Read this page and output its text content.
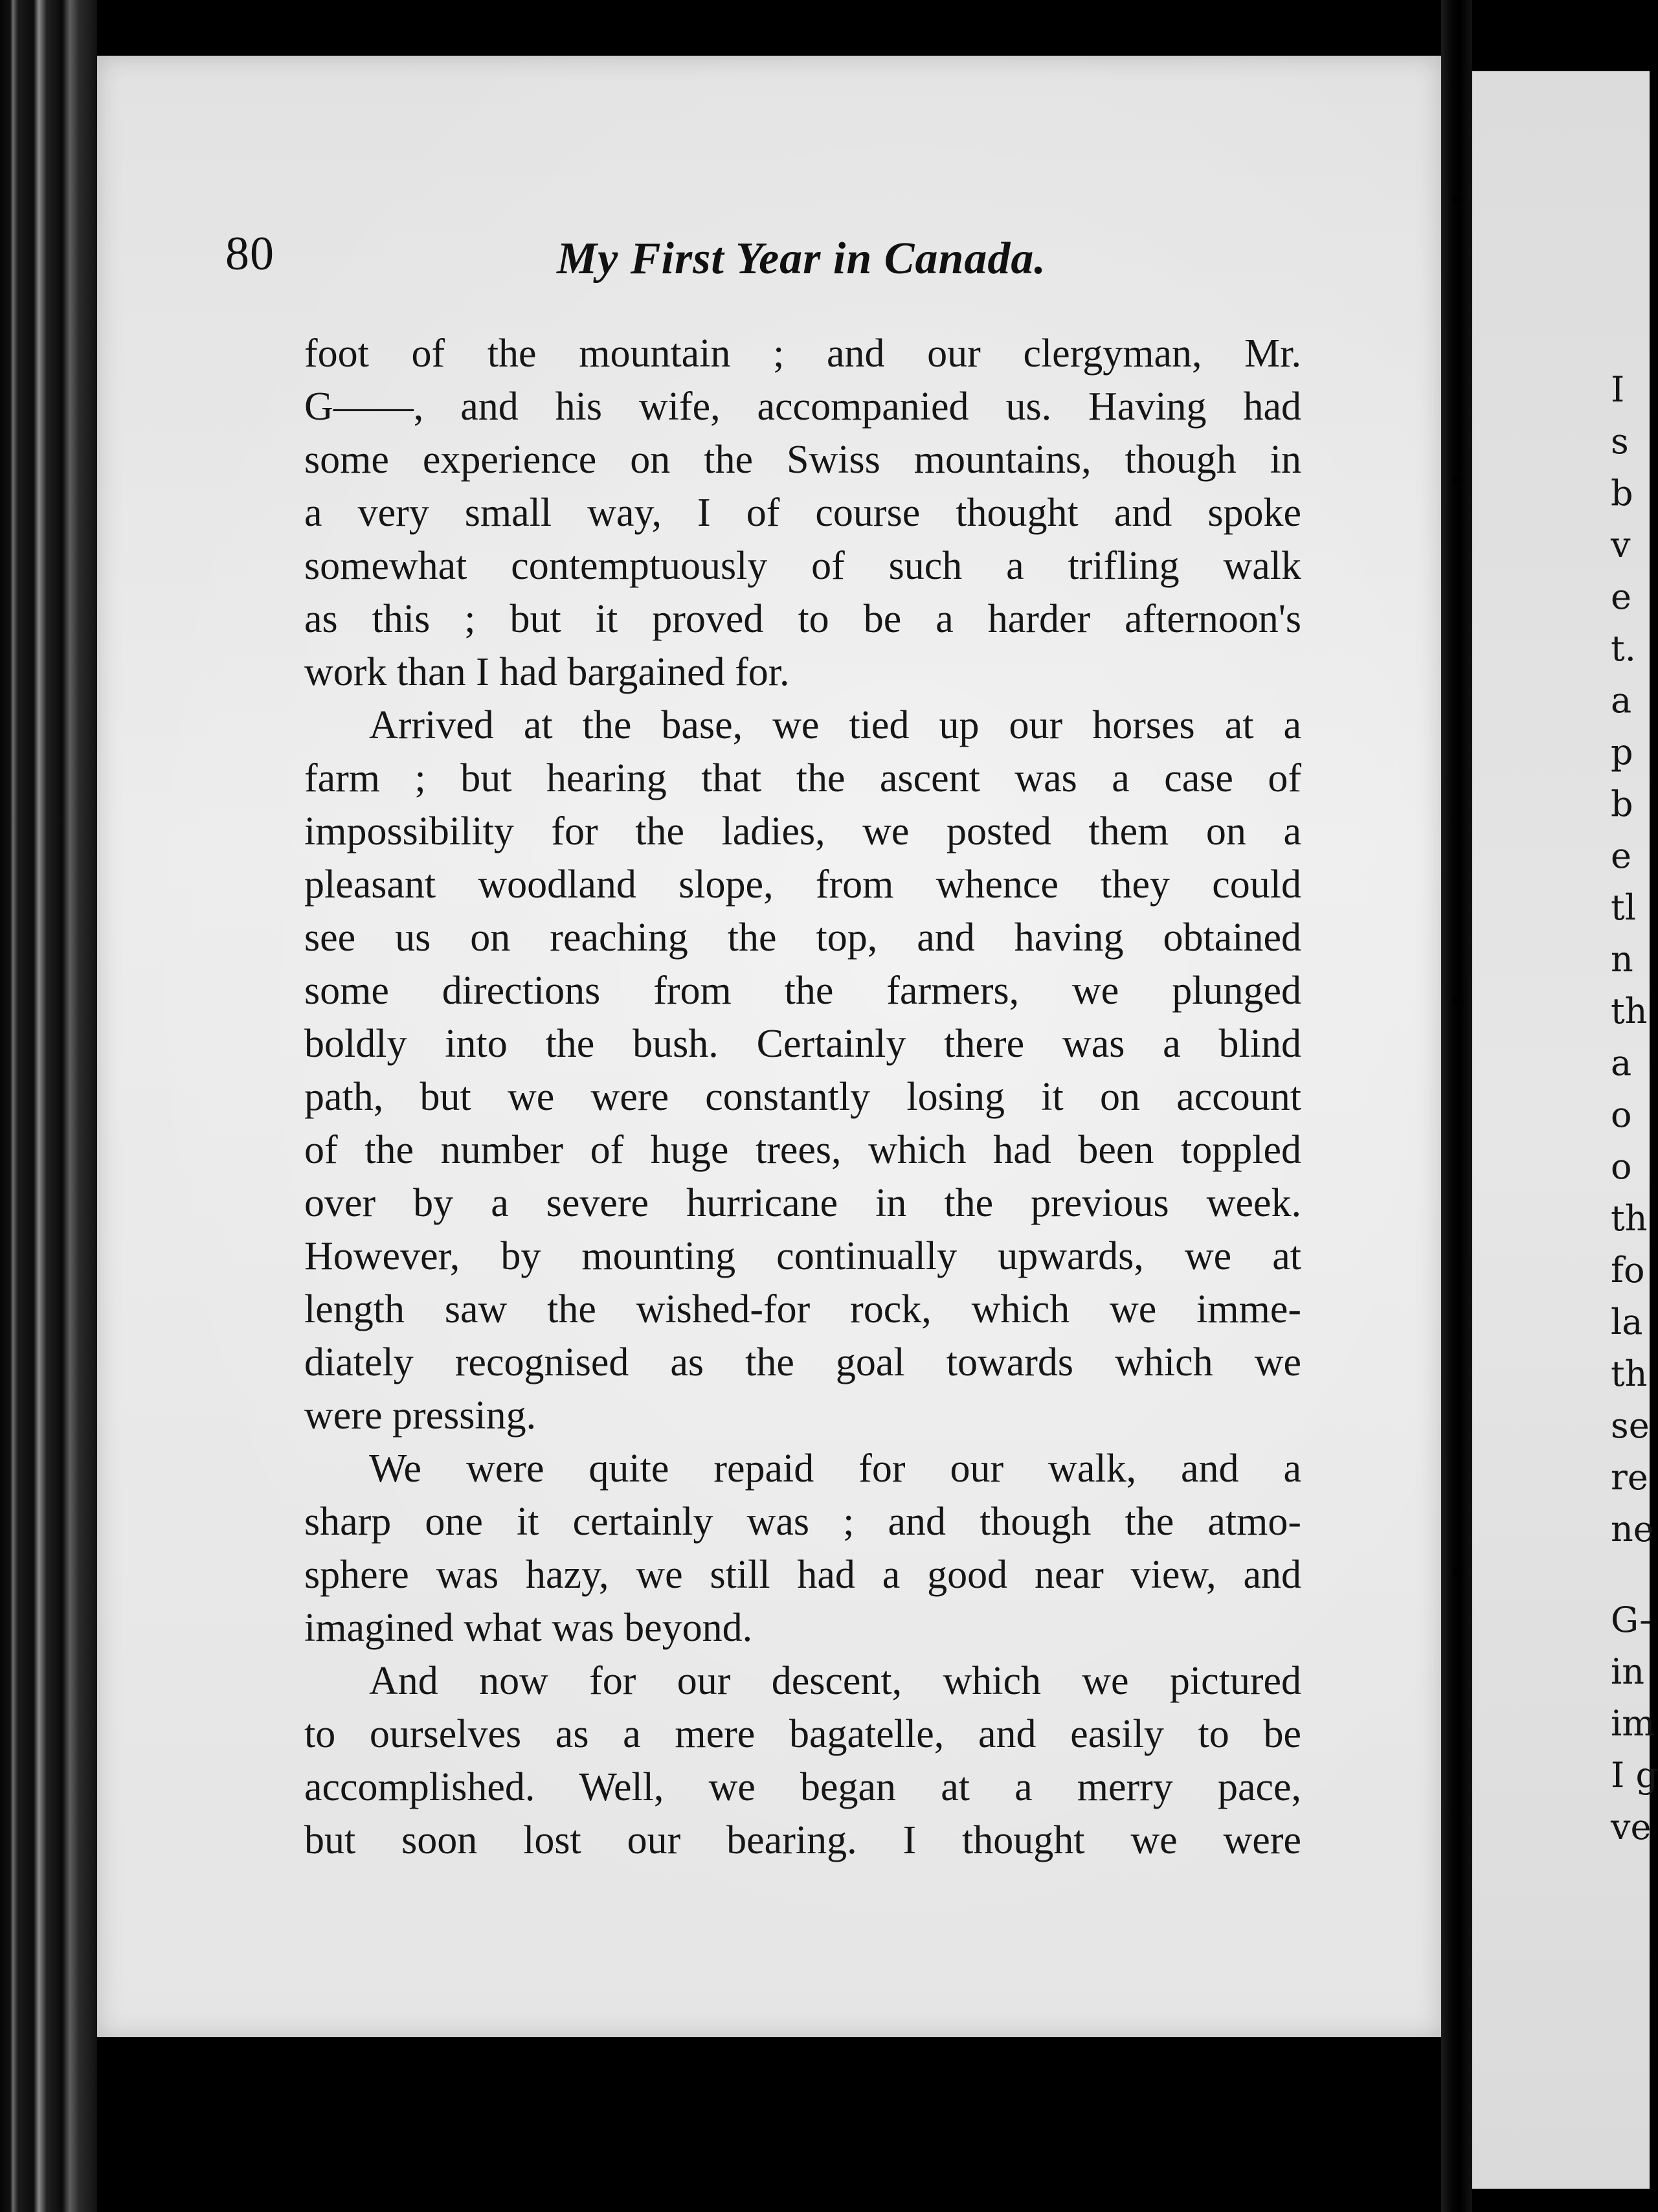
80	My First Year in Canada.

foot of the mountain ; and our clergyman, Mr.

G——, and his wife, accompanied us. Having had

some experience on the Swiss mountains, though in

a very small way, I of course thought and spoke

somewhat contemptuously of such a trifling walk

as this ; but it proved to be a harder afternoon's

work than I had bargained for.

Arrived at the base, we tied up our horses at a

farm ; but hearing that the ascent was a case of

impossibility for the ladies, we posted them on a

pleasant woodland slope, from whence they could

see us on reaching the top, and having obtained

some directions from the farmers, we plunged

boldly into the bush. Certainly there was a blind

path, but we were constantly losing it on account

of the number of huge trees, which had been toppled

over by a severe hurricane in the previous week.

However, by mounting continually upwards, we at

length saw the wished-for rock, which we imme-

diately recognised as the goal towards which we

were pressing.

We were quite repaid for our walk, and a

sharp one it certainly was ; and though the atmo-

sphere was hazy, we still had a good near view, and

imagined what was beyond.

And now for our descent, which we pictured

to ourselves as a mere bagatelle, and easily to be

accomplished. Well, we began at a merry pace,

but soon lost our bearing. I thought we were

I
s
b
v
e
t.
a
p
b
e
tl
n
th
a
o
o
th
fo
la
th
se
re
ne
G-
in
im
I g
ve
